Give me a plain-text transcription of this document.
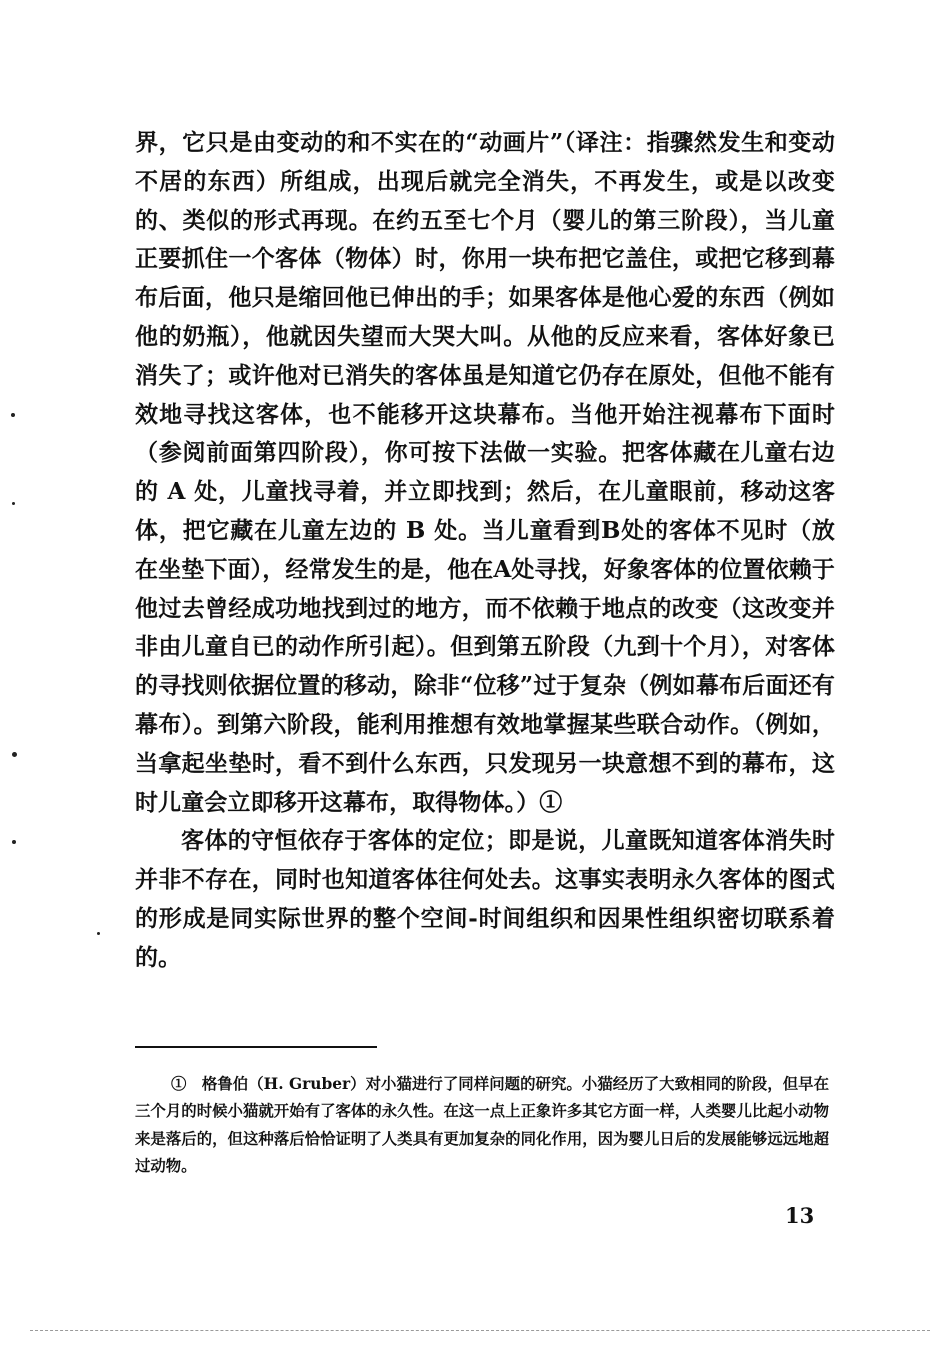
界，它只是由变动的和不实在的“动画片”（译注：指骤然发生和变动不居的东西）所组成，出现后就完全消失，不再发生，或是以改变的、类似的形式再现。在约五至七个月（婴儿的第三阶段），当儿童正要抓住一个客体（物体）时，你用一块布把它盖住，或把它移到幕布后面，他只是缩回他已伸出的手；如果客体是他心爱的东西（例如他的奶瓶），他就因失望而大哭大叫。从他的反应来看，客体好象已消失了；或许他对已消失的客体虽是知道它仍存在原处，但他不能有效地寻找这客体，也不能移开这块幕布。当他开始注视幕布下面时（参阅前面第四阶段），你可按下法做一实验。把客体藏在儿童右边的 A 处，儿童找寻着，并立即找到；然后，在儿童眼前，移动这客体，把它藏在儿童左边的 B 处。当儿童看到B处的客体不见时（放在坐垫下面），经常发生的是，他在A处寻找，好象客体的位置依赖于他过去曾经成功地找到过的地方，而不依赖于地点的改变（这改变并非由儿童自已的动作所引起）。但到第五阶段（九到十个月），对客体的寻找则依据位置的移动，除非“位移”过于复杂（例如幕布后面还有幕布）。到第六阶段，能利用推想有效地掌握某些联合动作。（例如，当拿起坐垫时，看不到什么东西，只发现另一块意想不到的幕布，这时儿童会立即移开这幕布，取得物体。）①

客体的守恒依存于客体的定位；即是说，儿童既知道客体消失时并非不存在，同时也知道客体往何处去。这事实表明永久客体的图式的形成是同实际世界的整个空间-时间组织和因果性组织密切联系着的。

①　格鲁伯（H. Gruber）对小猫进行了同样问题的研究。小猫经历了大致相同的阶段，但早在三个月的时候小猫就开始有了客体的永久性。在这一点上正象许多其它方面一样，人类婴儿比起小动物来是落后的，但这种落后恰恰证明了人类具有更加复杂的同化作用，因为婴儿日后的发展能够远远地超过动物。

13
